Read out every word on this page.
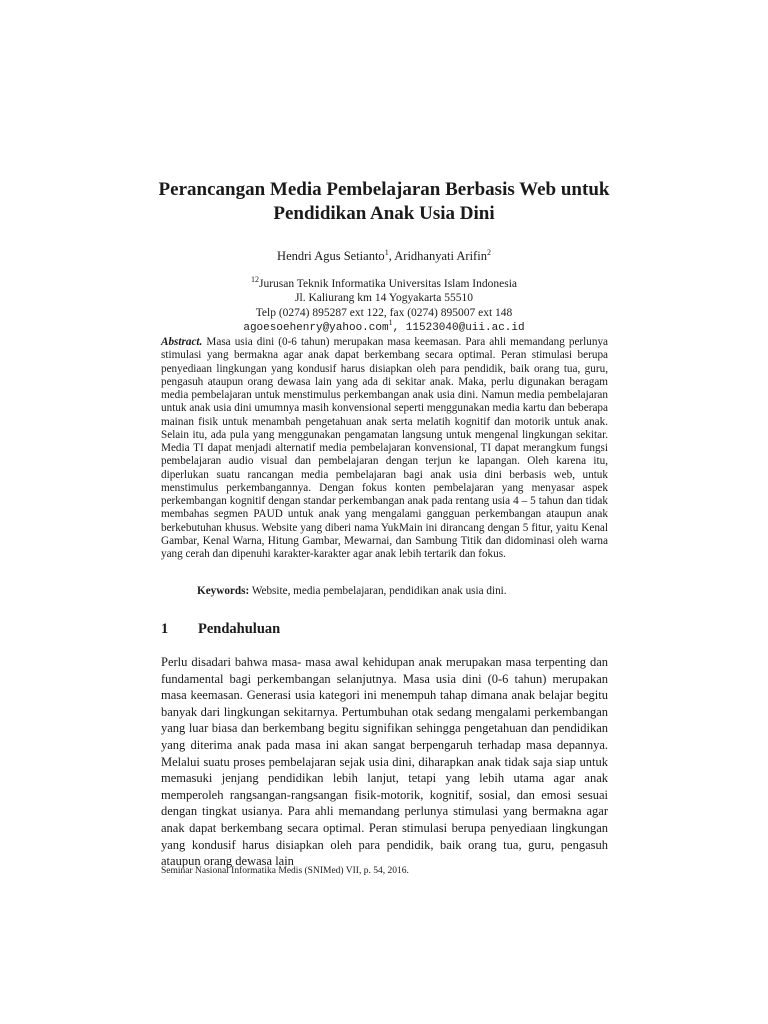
Perancangan Media Pembelajaran Berbasis Web untuk
Pendidikan Anak Usia Dini
Hendri Agus Setianto$^1$, Aridhanyati Arifin$^2$
$^{12}$Jurusan Teknik Informatika Universitas Islam Indonesia
Jl. Kaliurang km 14 Yogyakarta 55510
Telp (0274) 895287 ext 122, fax (0274) 895007 ext 148
agoesoehenry@yahoo.com$^1$, 11523040@uii.ac.id
Abstract. Masa usia dini (0-6 tahun) merupakan masa keemasan. Para ahli memandang perlunya stimulasi yang bermakna agar anak dapat berkembang secara optimal. Peran stimulasi berupa penyediaan lingkungan yang kondusif harus disiapkan oleh para pendidik, baik orang tua, guru, pengasuh ataupun orang dewasa lain yang ada di sekitar anak. Maka, perlu digunakan beragam media pembelajaran untuk menstimulus perkembangan anak usia dini. Namun media pembelajaran untuk anak usia dini umumnya masih konvensional seperti menggunakan media kartu dan beberapa mainan fisik untuk menambah pengetahuan anak serta melatih kognitif dan motorik untuk anak. Selain itu, ada pula yang menggunakan pengamatan langsung untuk mengenal lingkungan sekitar. Media TI dapat menjadi alternatif media pembelajaran konvensional, TI dapat merangkum fungsi pembelajaran audio visual dan pembelajaran dengan terjun ke lapangan. Oleh karena itu, diperlukan suatu rancangan media pembelajaran bagi anak usia dini berbasis web, untuk menstimulus perkembangannya. Dengan fokus konten pembelajaran yang menyasar aspek perkembangan kognitif dengan standar perkembangan anak pada rentang usia 4 – 5 tahun dan tidak membahas segmen PAUD untuk anak yang mengalami gangguan perkembangan ataupun anak berkebutuhan khusus. Website yang diberi nama YukMain ini dirancang dengan 5 fitur, yaitu Kenal Gambar, Kenal Warna, Hitung Gambar, Mewarnai, dan Sambung Titik dan didominasi oleh warna yang cerah dan dipenuhi karakter-karakter agar anak lebih tertarik dan fokus.
Keywords: Website, media pembelajaran, pendidikan anak usia dini.
1 Pendahuluan
Perlu disadari bahwa masa- masa awal kehidupan anak merupakan masa terpenting dan fundamental bagi perkembangan selanjutnya. Masa usia dini (0-6 tahun) merupakan masa keemasan. Generasi usia kategori ini menempuh tahap dimana anak belajar begitu banyak dari lingkungan sekitarnya. Pertumbuhan otak sedang mengalami perkembangan yang luar biasa dan berkembang begitu signifikan sehingga pengetahuan dan pendidikan yang diterima anak pada masa ini akan sangat berpengaruh terhadap masa depannya. Melalui suatu proses pembelajaran sejak usia dini, diharapkan anak tidak saja siap untuk memasuki jenjang pendidikan lebih lanjut, tetapi yang lebih utama agar anak memperoleh rangsangan-rangsangan fisik-motorik, kognitif, sosial, dan emosi sesuai dengan tingkat usianya. Para ahli memandang perlunya stimulasi yang bermakna agar anak dapat berkembang secara optimal. Peran stimulasi berupa penyediaan lingkungan yang kondusif harus disiapkan oleh para pendidik, baik orang tua, guru, pengasuh ataupun orang dewasa lain
Seminar Nasional Informatika Medis (SNIMed) VII, p. 54, 2016.
